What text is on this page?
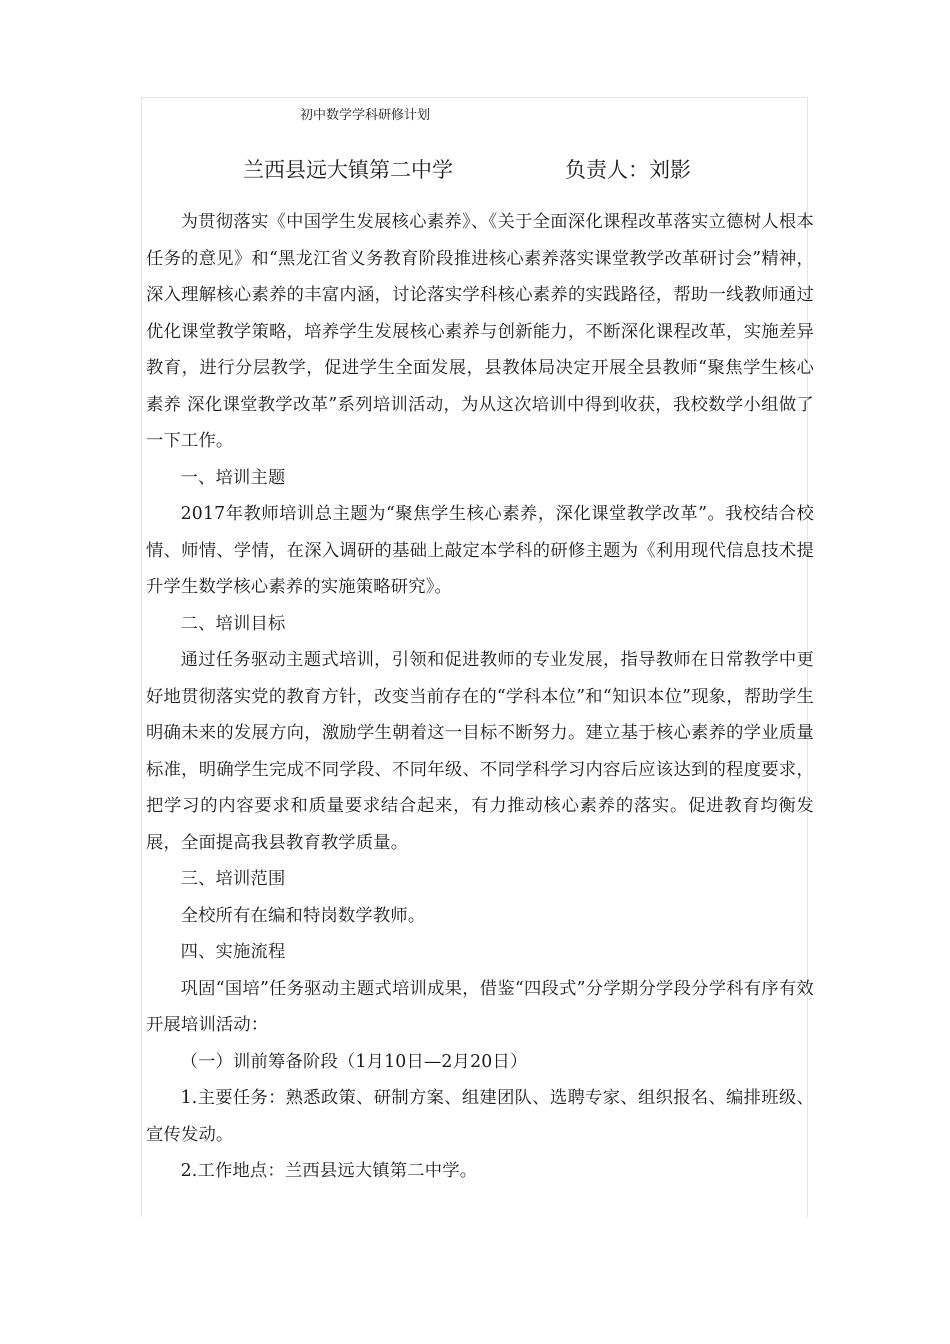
初中数学学科研修计划
兰西县远大镇第二中学	负责人：刘影

为贯彻落实《中国学生发展核心素养》、《关于全面深化课程改革落实立德树人根本任务的意见》和“黑龙江省义务教育阶段推进核心素养落实课堂教学改革研讨会”精神，深入理解核心素养的丰富内涵，讨论落实学科核心素养的实践路径，帮助一线教师通过优化课堂教学策略，培养学生发展核心素养与创新能力，不断深化课程改革，实施差异教育，进行分层教学，促进学生全面发展，县教体局决定开展全县教师“聚焦学生核心素养 深化课堂教学改革”系列培训活动，为从这次培训中得到收获，我校数学小组做了一下工作。

一、培训主题

2017年教师培训总主题为“聚焦学生核心素养，深化课堂教学改革”。我校结合校情、师情、学情，在深入调研的基础上敲定本学科的研修主题为《利用现代信息技术提升学生数学核心素养的实施策略研究》。

二、培训目标

通过任务驱动主题式培训，引领和促进教师的专业发展，指导教师在日常教学中更好地贯彻落实党的教育方针，改变当前存在的“学科本位”和“知识本位”现象，帮助学生明确未来的发展方向，激励学生朝着这一目标不断努力。建立基于核心素养的学业质量标准，明确学生完成不同学段、不同年级、不同学科学习内容后应该达到的程度要求，把学习的内容要求和质量要求结合起来，有力推动核心素养的落实。促进教育均衡发展，全面提高我县教育教学质量。

三、培训范围

全校所有在编和特岗数学教师。

四、实施流程

巩固“国培”任务驱动主题式培训成果，借鉴“四段式”分学期分学段分学科有序有效开展培训活动：

（一）训前筹备阶段（1月10日—2月20日）

1.主要任务：熟悉政策、研制方案、组建团队、选聘专家、组织报名、编排班级、宣传发动。

2.工作地点：兰西县远大镇第二中学。
